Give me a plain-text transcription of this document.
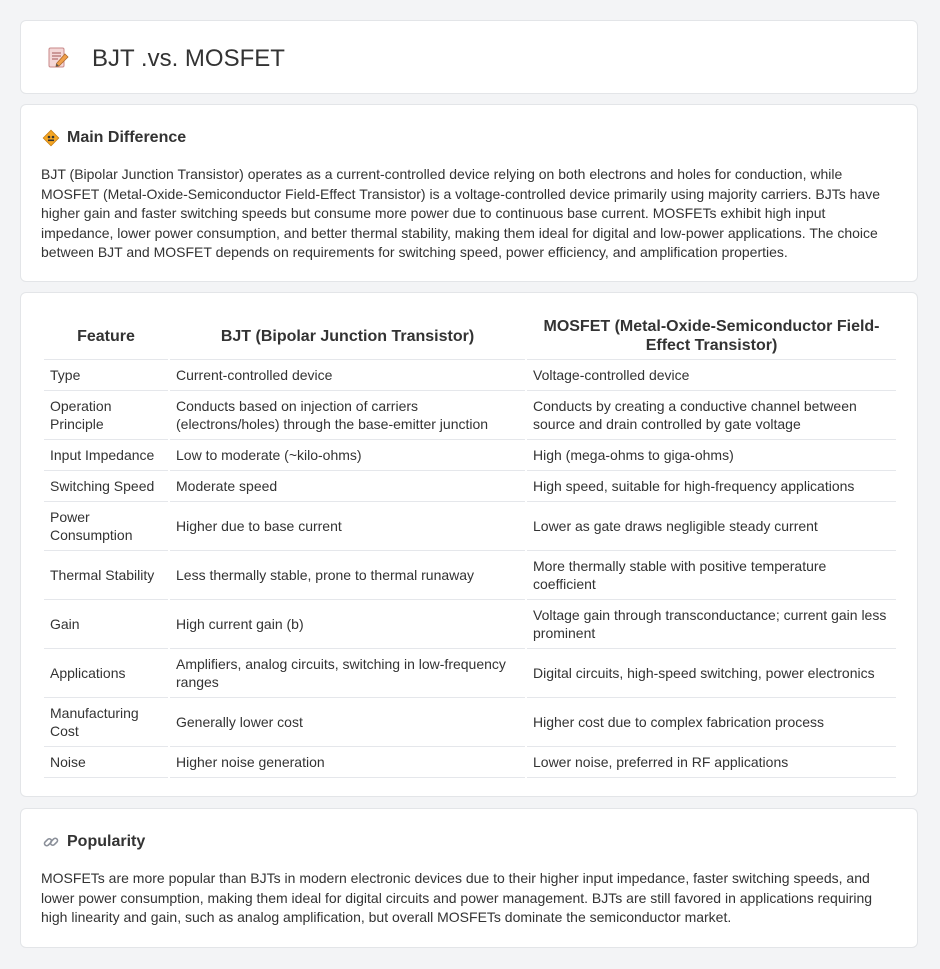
BJT .vs. MOSFET
Main Difference

BJT (Bipolar Junction Transistor) operates as a current-controlled device relying on both electrons and holes for conduction, while MOSFET (Metal-Oxide-Semiconductor Field-Effect Transistor) is a voltage-controlled device primarily using majority carriers. BJTs have higher gain and faster switching speeds but consume more power due to continuous base current. MOSFETs exhibit high input impedance, lower power consumption, and better thermal stability, making them ideal for digital and low-power applications. The choice between BJT and MOSFET depends on requirements for switching speed, power efficiency, and amplification properties.

Feature	BJT (Bipolar Junction Transistor)	MOSFET (Metal-Oxide-Semiconductor Field-Effect Transistor)
Type	Current-controlled device	Voltage-controlled device
Operation Principle	Conducts based on injection of carriers (electrons/holes) through the base-emitter junction	Conducts by creating a conductive channel between source and drain controlled by gate voltage
Input Impedance	Low to moderate (~kilo-ohms)	High (mega-ohms to giga-ohms)
Switching Speed	Moderate speed	High speed, suitable for high-frequency applications
Power Consumption	Higher due to base current	Lower as gate draws negligible steady current
Thermal Stability	Less thermally stable, prone to thermal runaway	More thermally stable with positive temperature coefficient
Gain	High current gain (b)	Voltage gain through transconductance; current gain less prominent
Applications	Amplifiers, analog circuits, switching in low-frequency ranges	Digital circuits, high-speed switching, power electronics
Manufacturing Cost	Generally lower cost	Higher cost due to complex fabrication process
Noise	Higher noise generation	Lower noise, preferred in RF applications
Popularity

MOSFETs are more popular than BJTs in modern electronic devices due to their higher input impedance, faster switching speeds, and lower power consumption, making them ideal for digital circuits and power management. BJTs are still favored in applications requiring high linearity and gain, such as analog amplification, but overall MOSFETs dominate the semiconductor market.
